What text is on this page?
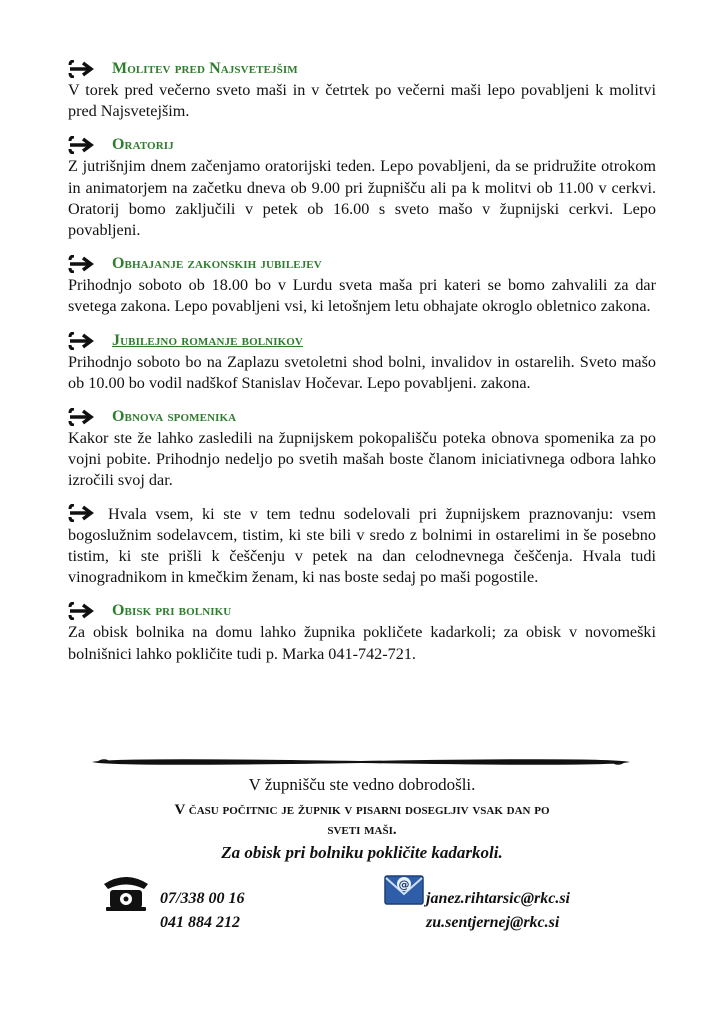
Molitev pred Najsvetejšim
V torek pred večerno sveto maši in v četrtek po večerni maši lepo povabljeni k molitvi pred Najsvetejšim.
Oratorij
Z jutrišnjim dnem začenjamo oratorijski teden. Lepo povabljeni, da se pridružite otrokom in animatorjem na začetku dneva ob 9.00 pri župnišču ali pa k molitvi ob 11.00 v cerkvi. Oratorij bomo zaključili v petek ob 16.00 s sveto mašo v župnijski cerkvi. Lepo povabljeni.
Obhajanje zakonskih jubilejev
Prihodnjo soboto ob 18.00 bo v Lurdu sveta maša pri kateri se bomo zahvalili za dar svetega zakona. Lepo povabljeni vsi, ki letošnjem letu obhajate okroglo obletnico zakona.
Jubilejno romanje bolnikov
Prihodnjo soboto bo na Zaplazu svetoletni shod bolni, invalidov in ostarelih. Sveto mašo ob 10.00 bo vodil nadškof Stanislav Hočevar. Lepo povabljeni. zakona.
Obnova spomenika
Kakor ste že lahko zasledili na župnijskem pokopališču poteka obnova spomenika za po vojni pobite. Prihodnjo nedeljo po svetih mašah boste članom iniciativnega odbora lahko izročili svoj dar.
Hvala vsem, ki ste v tem tednu sodelovali pri župnijskem praznovanju: vsem bogoslužnim sodelavcem, tistim, ki ste bili v sredo z bolnimi in ostarelimi in še posebno tistim, ki ste prišli k češčenju v petek na dan celodnevnega češčenja. Hvala tudi vinogradnikom in kmečkim ženam, ki nas boste sedaj po maši pogostile.
Obisk pri bolniku
Za obisk bolnika na domu lahko župnika pokličete kadarkoli; za obisk v novomeški bolnišnici lahko pokličite tudi p. Marka 041-742-721.
V župnišču ste vedno dobrodošli.
V času počitnic je župnik v pisarni dosegljiv vsak dan po
sveti maši.
Za obisk pri bolniku pokličite kadarkoli.
07/338 00 16
041 884 212
@
janez.rihtarsic@rkc.si
zu.sentjernej@rkc.si
